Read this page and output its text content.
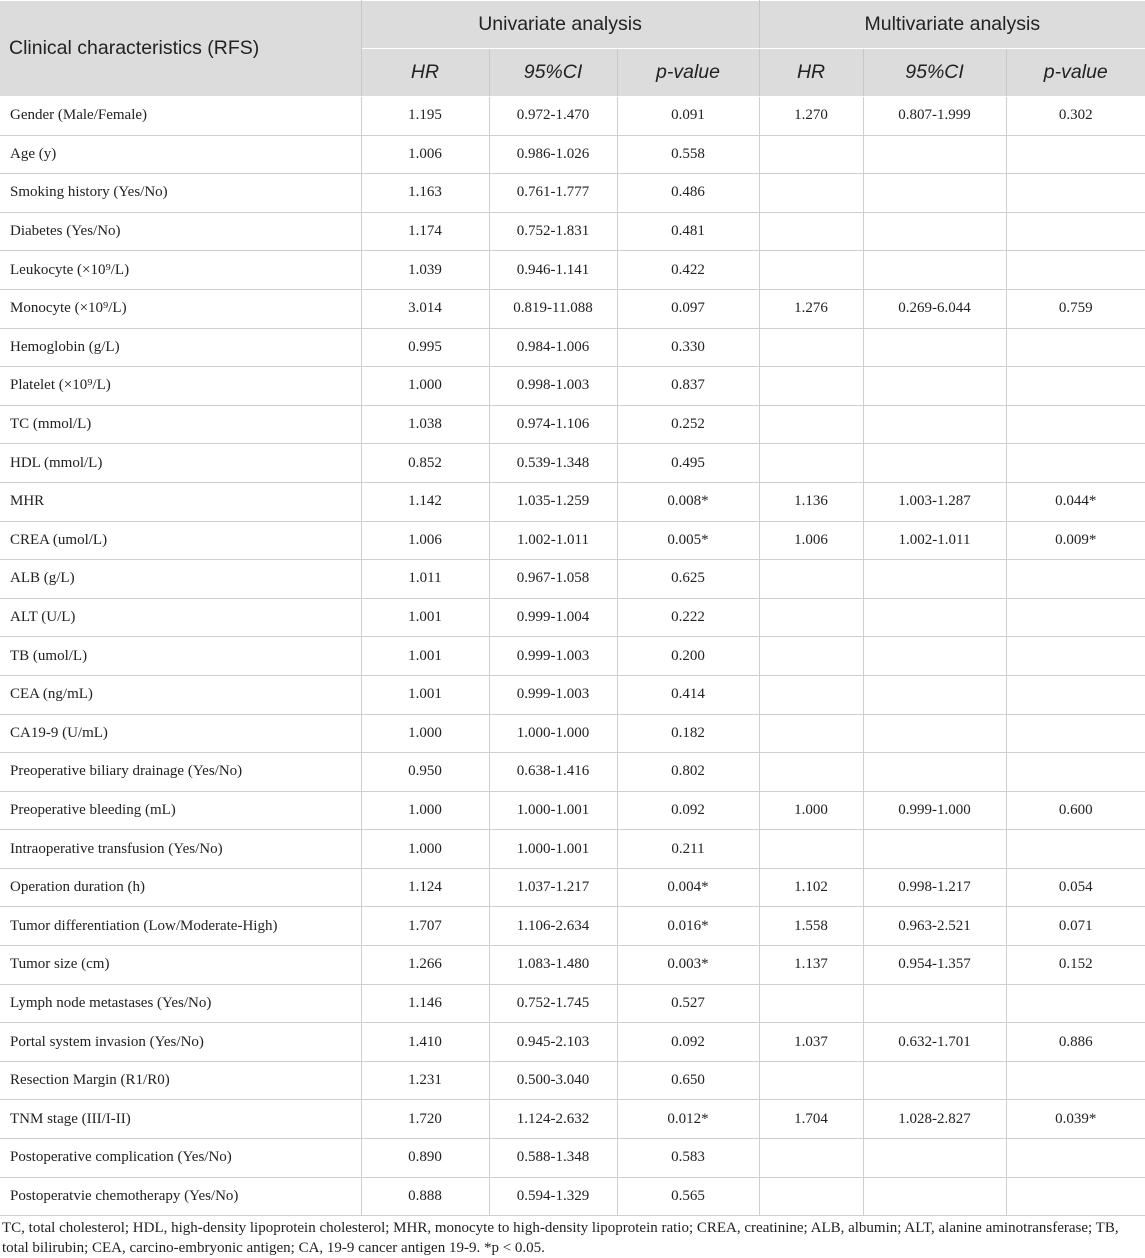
Clinical characteristics (RFS)	Univariate analysis			Multivariate analysis		
	HR	95%CI	p-value	HR	95%CI	p-value
Gender (Male/Female)	1.195	0.972-1.470	0.091	1.270	0.807-1.999	0.302
Age (y)	1.006	0.986-1.026	0.558			
Smoking history (Yes/No)	1.163	0.761-1.777	0.486			
Diabetes (Yes/No)	1.174	0.752-1.831	0.481			
Leukocyte (×10⁹/L)	1.039	0.946-1.141	0.422			
Monocyte (×10⁹/L)	3.014	0.819-11.088	0.097	1.276	0.269-6.044	0.759
Hemoglobin (g/L)	0.995	0.984-1.006	0.330			
Platelet (×10⁹/L)	1.000	0.998-1.003	0.837			
TC (mmol/L)	1.038	0.974-1.106	0.252			
HDL (mmol/L)	0.852	0.539-1.348	0.495			
MHR	1.142	1.035-1.259	0.008*	1.136	1.003-1.287	0.044*
CREA (umol/L)	1.006	1.002-1.011	0.005*	1.006	1.002-1.011	0.009*
ALB (g/L)	1.011	0.967-1.058	0.625			
ALT (U/L)	1.001	0.999-1.004	0.222			
TB (umol/L)	1.001	0.999-1.003	0.200			
CEA (ng/mL)	1.001	0.999-1.003	0.414			
CA19-9 (U/mL)	1.000	1.000-1.000	0.182			
Preoperative biliary drainage (Yes/No)	0.950	0.638-1.416	0.802			
Preoperative bleeding (mL)	1.000	1.000-1.001	0.092	1.000	0.999-1.000	0.600
Intraoperative transfusion (Yes/No)	1.000	1.000-1.001	0.211			
Operation duration (h)	1.124	1.037-1.217	0.004*	1.102	0.998-1.217	0.054
Tumor differentiation (Low/Moderate-High)	1.707	1.106-2.634	0.016*	1.558	0.963-2.521	0.071
Tumor size (cm)	1.266	1.083-1.480	0.003*	1.137	0.954-1.357	0.152
Lymph node metastases (Yes/No)	1.146	0.752-1.745	0.527			
Portal system invasion (Yes/No)	1.410	0.945-2.103	0.092	1.037	0.632-1.701	0.886
Resection Margin (R1/R0)	1.231	0.500-3.040	0.650			
TNM stage (III/I-II)	1.720	1.124-2.632	0.012*	1.704	1.028-2.827	0.039*
Postoperative complication (Yes/No)	0.890	0.588-1.348	0.583			
Postoperatvie chemotherapy (Yes/No)	0.888	0.594-1.329	0.565			
TC, total cholesterol; HDL, high-density lipoprotein cholesterol; MHR, monocyte to high-density lipoprotein ratio; CREA, creatinine; ALB, albumin; ALT, alanine aminotransferase; TB, total bilirubin; CEA, carcino-embryonic antigen; CA, 19-9 cancer antigen 19-9. *p < 0.05.
